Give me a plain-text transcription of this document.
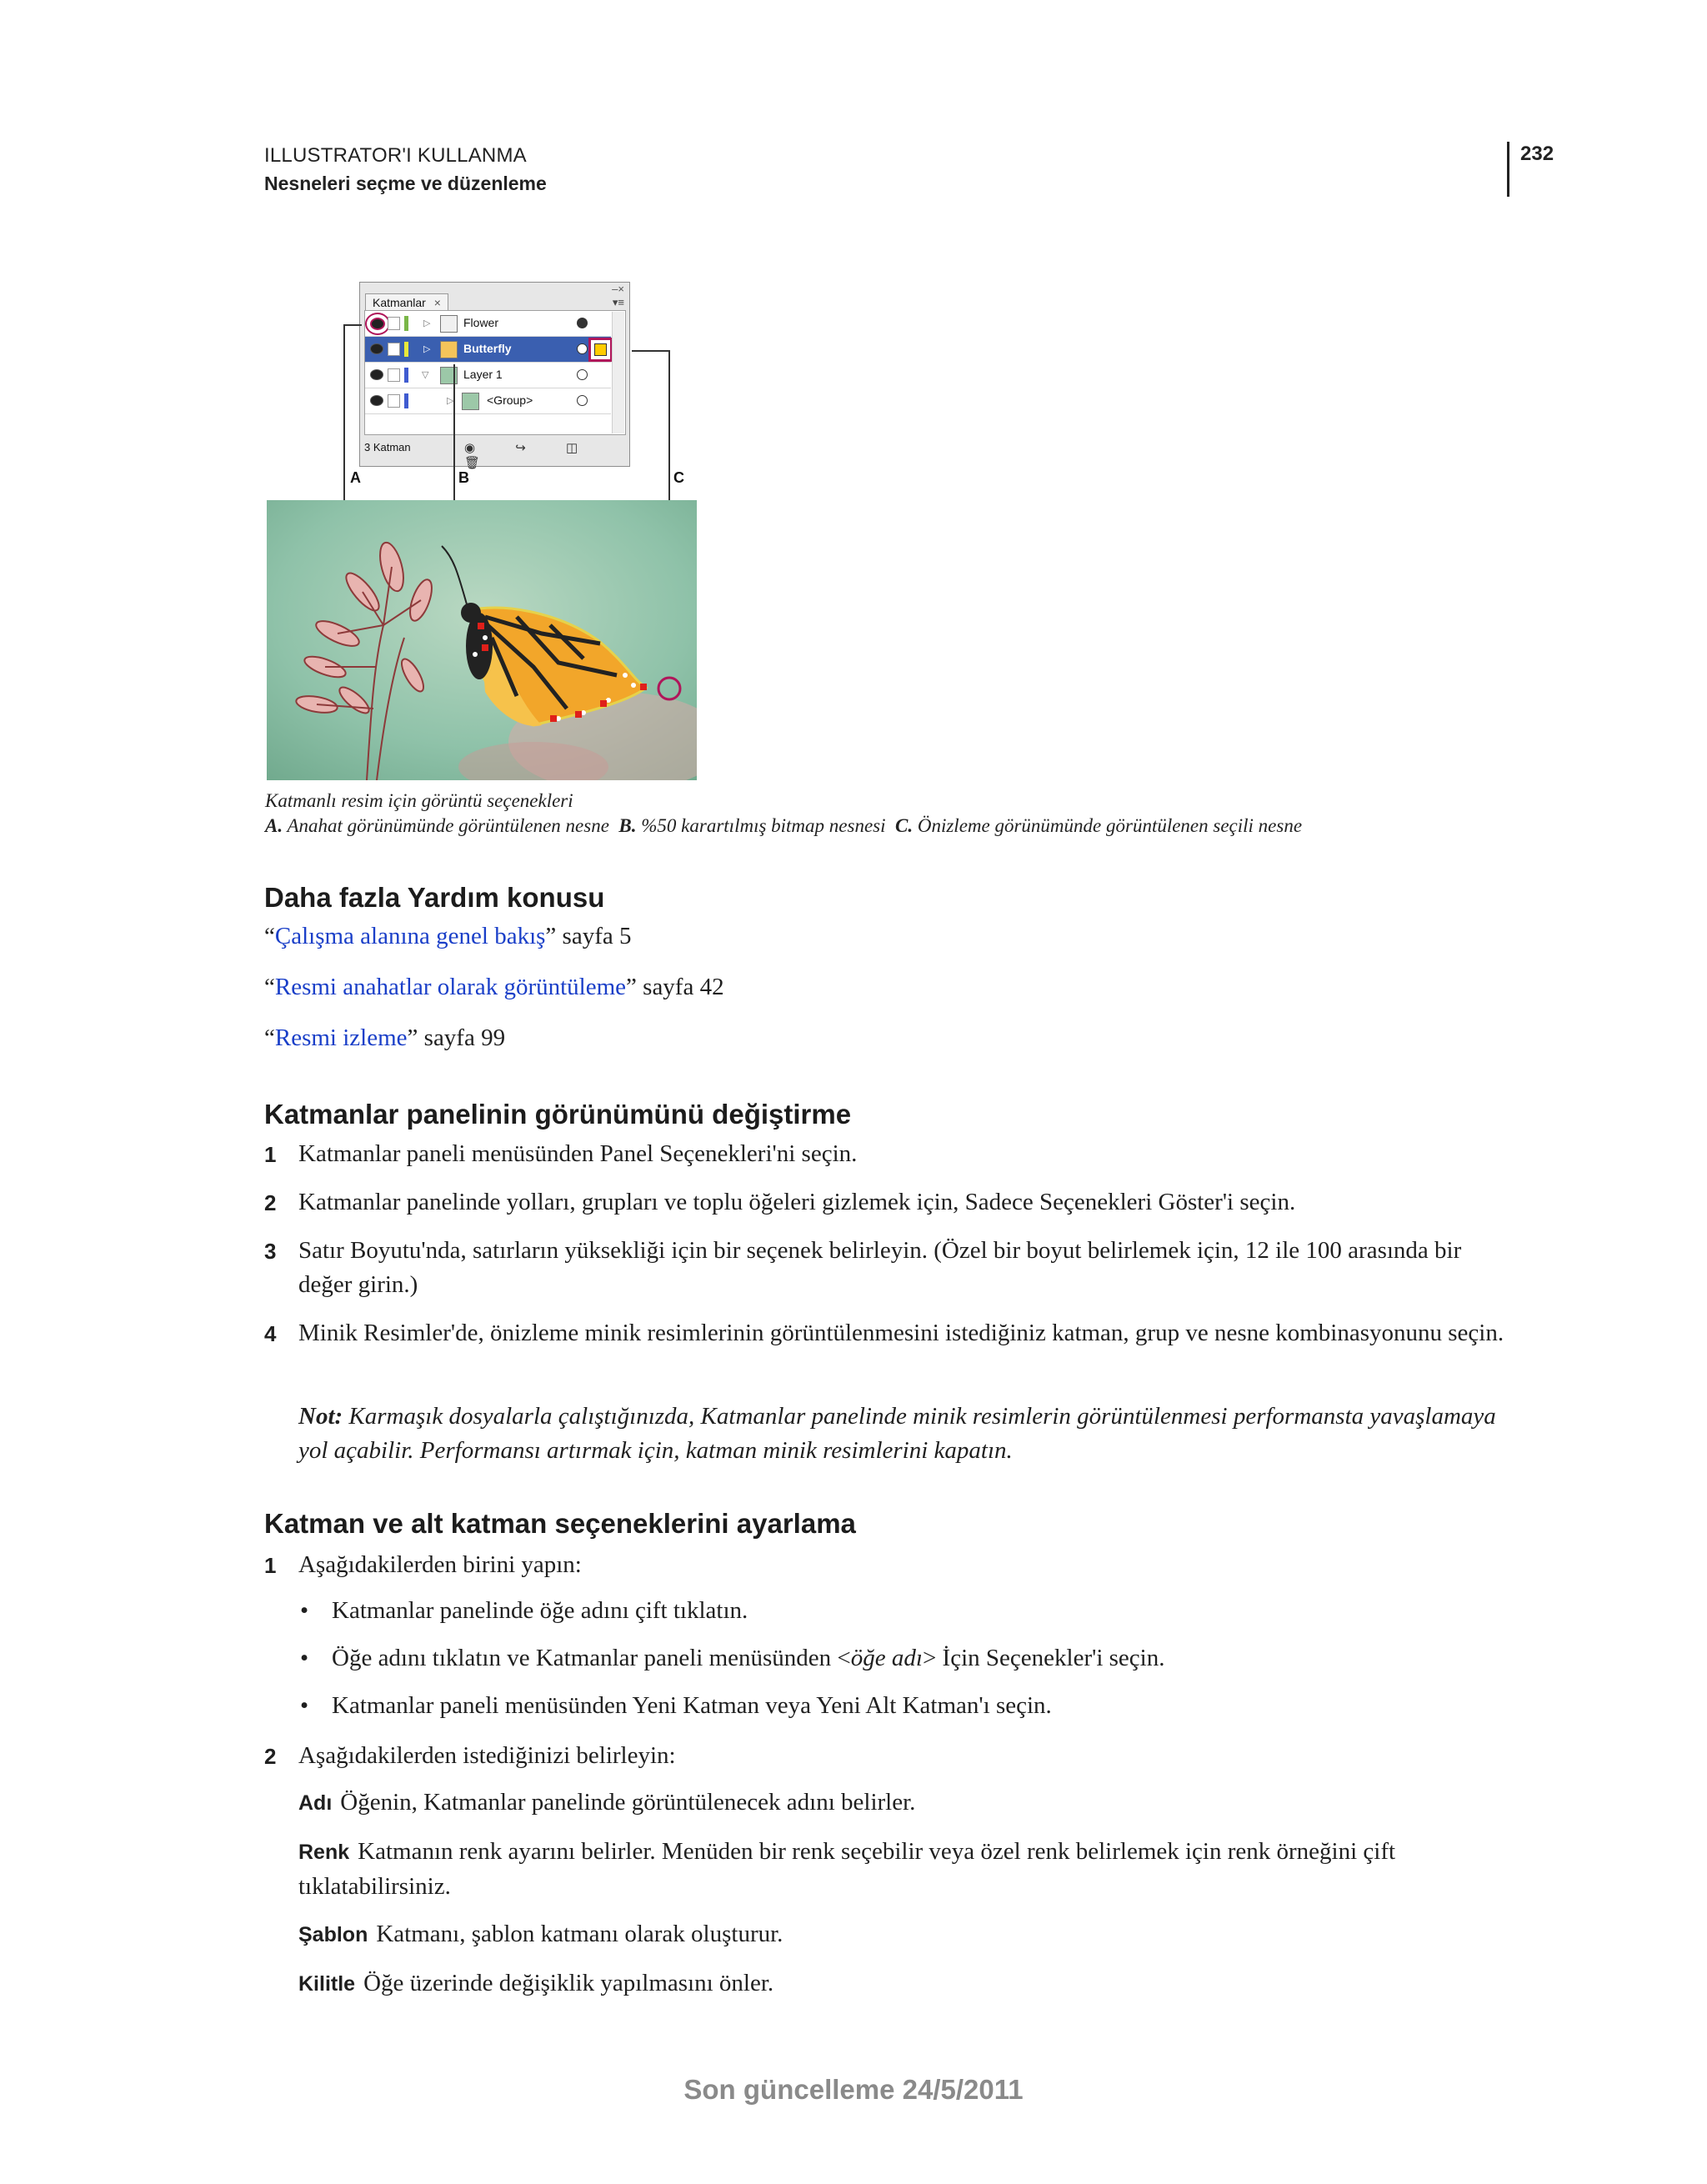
ILLUSTRATOR'I KULLANMA
Nesneleri seçme ve düzenleme
232
–×
Katmanlar ×	▾≡
▷	Flower
▷	Butterfly
▽	Layer 1
▷	<Group>
3 Katman	◉ ↪ ◫ 🗑
A	B	C
Katmanlı resim için görüntü seçenekleri
A. Anahat görünümünde görüntülenen nesne B. %50 karartılmış bitmap nesnesi C. Önizleme görünümünde görüntülenen seçili nesne
Daha fazla Yardım konusu
“Çalışma alanına genel bakış” sayfa 5
“Resmi anahatlar olarak görüntüleme” sayfa 42
“Resmi izleme” sayfa 99
Katmanlar panelinin görünümünü değiştirme
1 Katmanlar paneli menüsünden Panel Seçenekleri'ni seçin.
2 Katmanlar panelinde yolları, grupları ve toplu öğeleri gizlemek için, Sadece Seçenekleri Göster'i seçin.
3 Satır Boyutu'nda, satırların yüksekliği için bir seçenek belirleyin. (Özel bir boyut belirlemek için, 12 ile 100 arasında bir değer girin.)
4 Minik Resimler'de, önizleme minik resimlerinin görüntülenmesini istediğiniz katman, grup ve nesne kombinasyonunu seçin.
Not: Karmaşık dosyalarla çalıştığınızda, Katmanlar panelinde minik resimlerin görüntülenmesi performansta yavaşlamaya yol açabilir. Performansı artırmak için, katman minik resimlerini kapatın.
Katman ve alt katman seçeneklerini ayarlama
1 Aşağıdakilerden birini yapın:
• Katmanlar panelinde öğe adını çift tıklatın.
• Öğe adını tıklatın ve Katmanlar paneli menüsünden <öğe adı> İçin Seçenekler'i seçin.
• Katmanlar paneli menüsünden Yeni Katman veya Yeni Alt Katman'ı seçin.
2 Aşağıdakilerden istediğinizi belirleyin:
Adı Öğenin, Katmanlar panelinde görüntülenecek adını belirler.
Renk Katmanın renk ayarını belirler. Menüden bir renk seçebilir veya özel renk belirlemek için renk örneğini çift tıklatabilirsiniz.
Şablon Katmanı, şablon katmanı olarak oluşturur.
Kilitle Öğe üzerinde değişiklik yapılmasını önler.
Son güncelleme 24/5/2011
